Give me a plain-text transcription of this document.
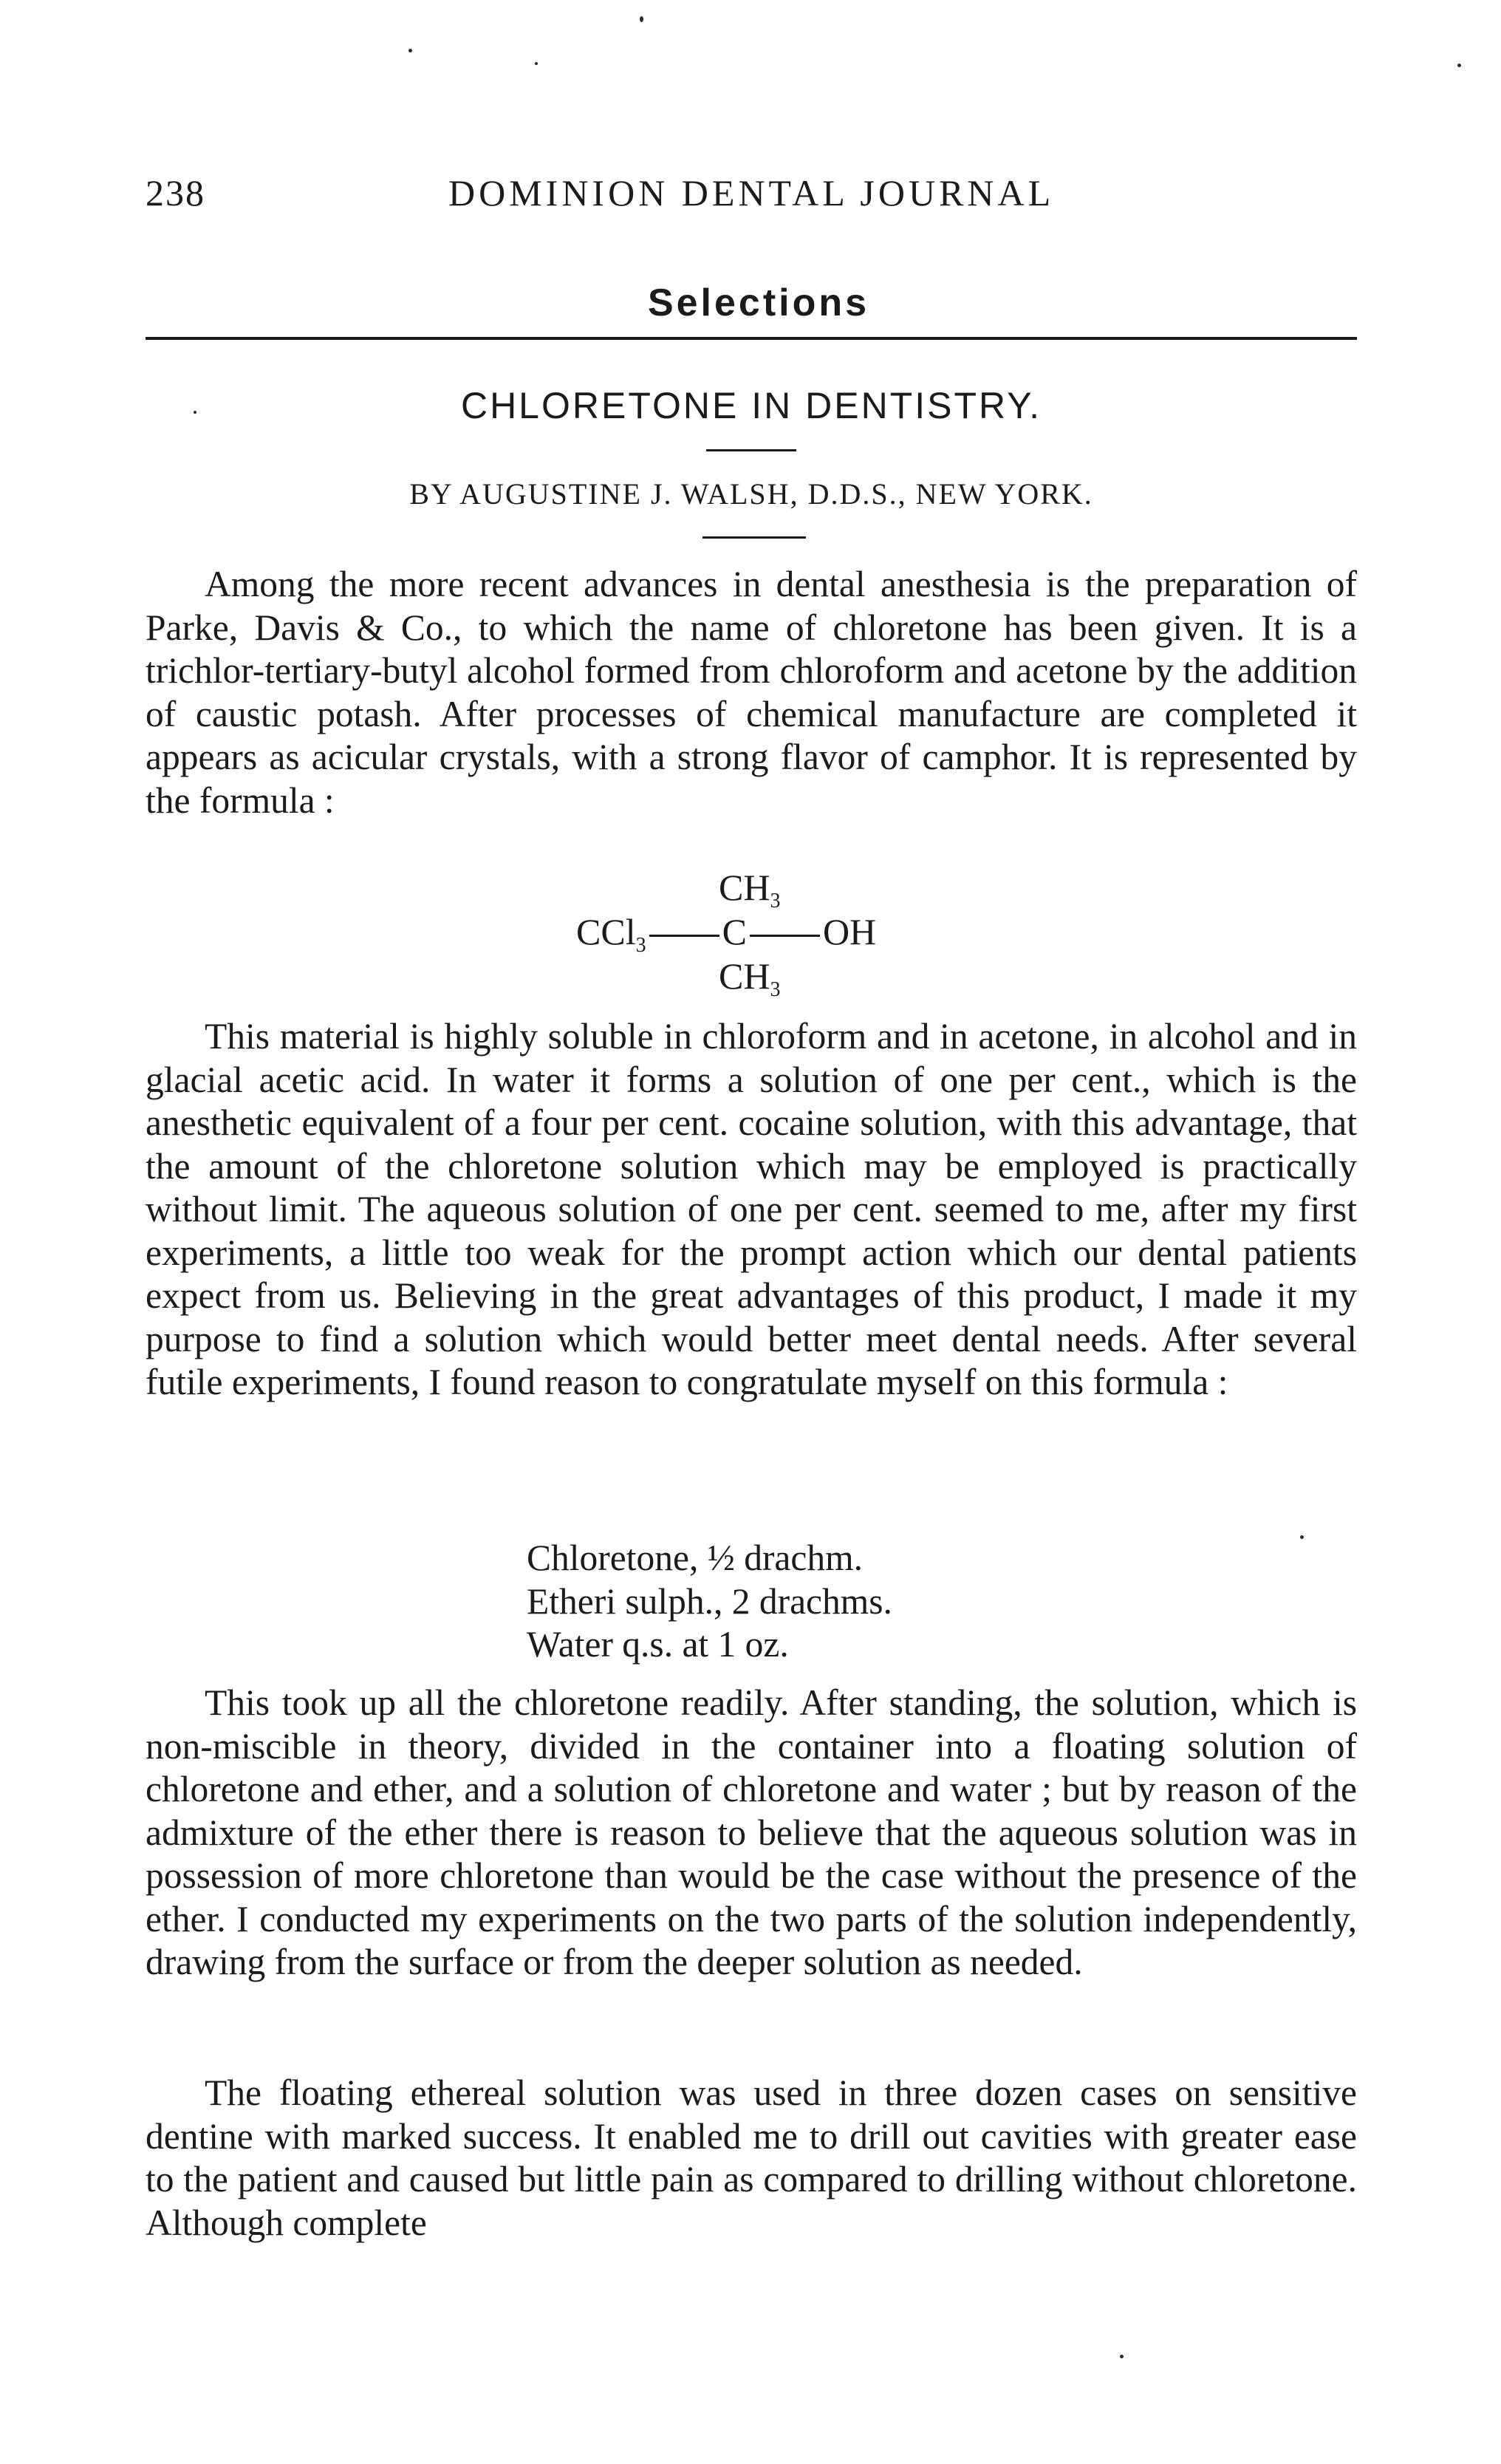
238	DOMINION DENTAL JOURNAL
Selections
CHLORETONE IN DENTISTRY.
BY AUGUSTINE J. WALSH, D.D.S., NEW YORK.

Among the more recent advances in dental anesthesia is the preparation of Parke, Davis & Co., to which the name of chloretone has been given. It is a trichlor-tertiary-butyl alcohol formed from chloroform and acetone by the addition of caustic potash. After processes of chemical manufacture are completed it appears as acicular crystals, with a strong flavor of camphor. It is represented by the formula :

$CH_3$
CCl$_3$ C OH
$CH_3$

This material is highly soluble in chloroform and in acetone, in alcohol and in glacial acetic acid. In water it forms a solution of one per cent., which is the anesthetic equivalent of a four per cent. cocaine solution, with this advantage, that the amount of the chloretone solution which may be employed is practically without limit. The aqueous solution of one per cent. seemed to me, after my first experiments, a little too weak for the prompt action which our dental patients expect from us. Believing in the great advantages of this product, I made it my purpose to find a solution which would better meet dental needs. After several futile experiments, I found reason to congratulate myself on this formula :

Chloretone, ½ drachm.
Etheri sulph., 2 drachms.
Water q.s. at 1 oz.

This took up all the chloretone readily. After standing, the solution, which is non-miscible in theory, divided in the container into a floating solution of chloretone and ether, and a solution of chloretone and water ; but by reason of the admixture of the ether there is reason to believe that the aqueous solution was in possession of more chloretone than would be the case without the presence of the ether. I conducted my experiments on the two parts of the solution independently, drawing from the surface or from the deeper solution as needed.

The floating ethereal solution was used in three dozen cases on sensitive dentine with marked success. It enabled me to drill out cavities with greater ease to the patient and caused but little pain as compared to drilling without chloretone. Although complete
